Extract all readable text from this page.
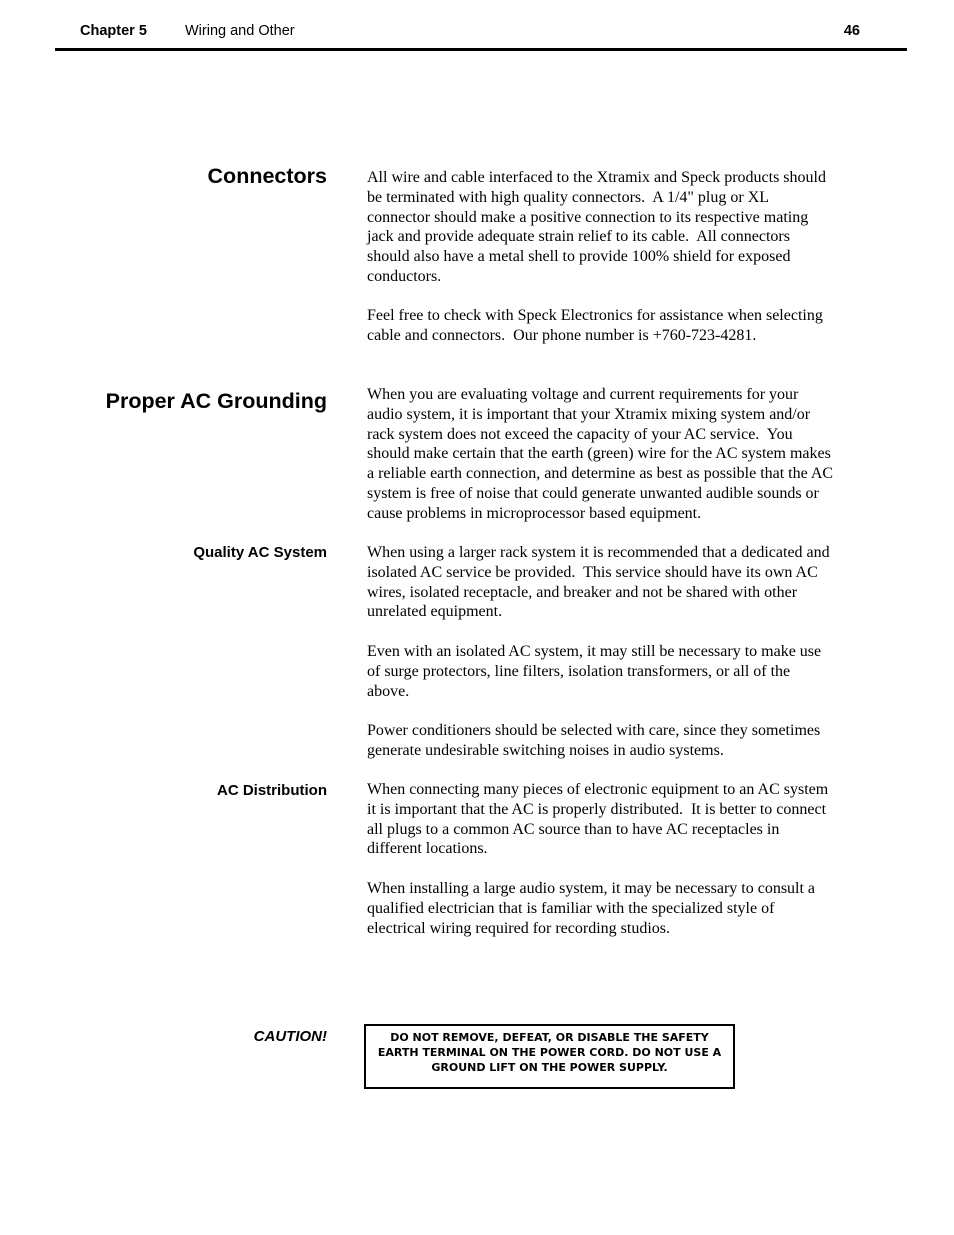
Chapter 5	Wiring and Other	46
Connectors	All wire and cable interfaced to the Xtramix and Speck products should
be terminated with high quality connectors.  A 1/4" plug or XL
connector should make a positive connection to its respective mating
jack and provide adequate strain relief to its cable.  All connectors
should also have a metal shell to provide 100% shield for exposed
conductors.
Feel free to check with Speck Electronics for assistance when selecting
cable and connectors.  Our phone number is +760-723-4281.
Proper AC Grounding	When you are evaluating voltage and current requirements for your
audio system, it is important that your Xtramix mixing system and/or
rack system does not exceed the capacity of your AC service.  You
should make certain that the earth (green) wire for the AC system makes
a reliable earth connection, and determine as best as possible that the AC
system is free of noise that could generate unwanted audible sounds or
cause problems in microprocessor based equipment.
Quality AC System	When using a larger rack system it is recommended that a dedicated and
isolated AC service be provided.  This service should have its own AC
wires, isolated receptacle, and breaker and not be shared with other
unrelated equipment.
Even with an isolated AC system, it may still be necessary to make use
of surge protectors, line filters, isolation transformers, or all of the
above.
Power conditioners should be selected with care, since they sometimes
generate undesirable switching noises in audio systems.
AC Distribution	When connecting many pieces of electronic equipment to an AC system
it is important that the AC is properly distributed.  It is better to connect
all plugs to a common AC source than to have AC receptacles in
different locations.
When installing a large audio system, it may be necessary to consult a
qualified electrician that is familiar with the specialized style of
electrical wiring required for recording studios.
CAUTION!	DO NOT REMOVE, DEFEAT, OR DISABLE THE SAFETY
EARTH TERMINAL ON THE POWER CORD. DO NOT USE A
GROUND LIFT ON THE POWER SUPPLY.
